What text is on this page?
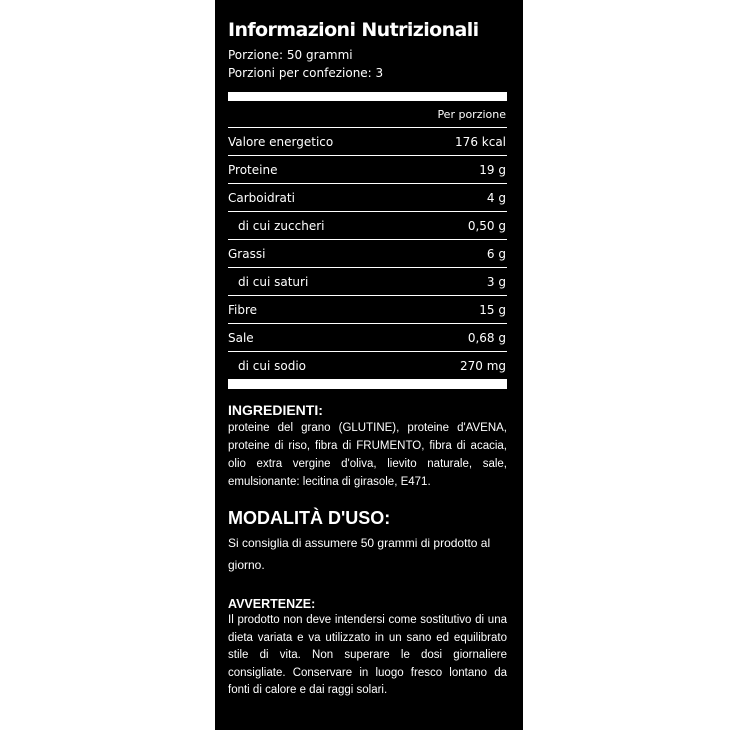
Informazioni Nutrizionali
Porzione: 50 grammi
Porzioni per confezione: 3
Per porzione
Valore energetico	176 kcal
Proteine	19 g
Carboidrati	4 g
di cui zuccheri	0,50 g
Grassi	6 g
di cui saturi	3 g
Fibre	15 g
Sale	0,68 g
di cui sodio	270 mg
INGREDIENTI:
proteine del grano (GLUTINE), proteine d'AVENA, proteine di riso, fibra di FRUMENTO, fibra di acacia, olio extra vergine d'oliva, lievito naturale, sale, emulsionante: lecitina di girasole, E471.
MODALITÀ D'USO:
Si consiglia di assumere 50 grammi di prodotto al giorno.
AVVERTENZE:
Il prodotto non deve intendersi come sostitutivo di una dieta variata e va utilizzato in un sano ed equilibrato stile di vita. Non superare le dosi giornaliere consigliate. Conservare in luogo fresco lontano da fonti di calore e dai raggi solari.
